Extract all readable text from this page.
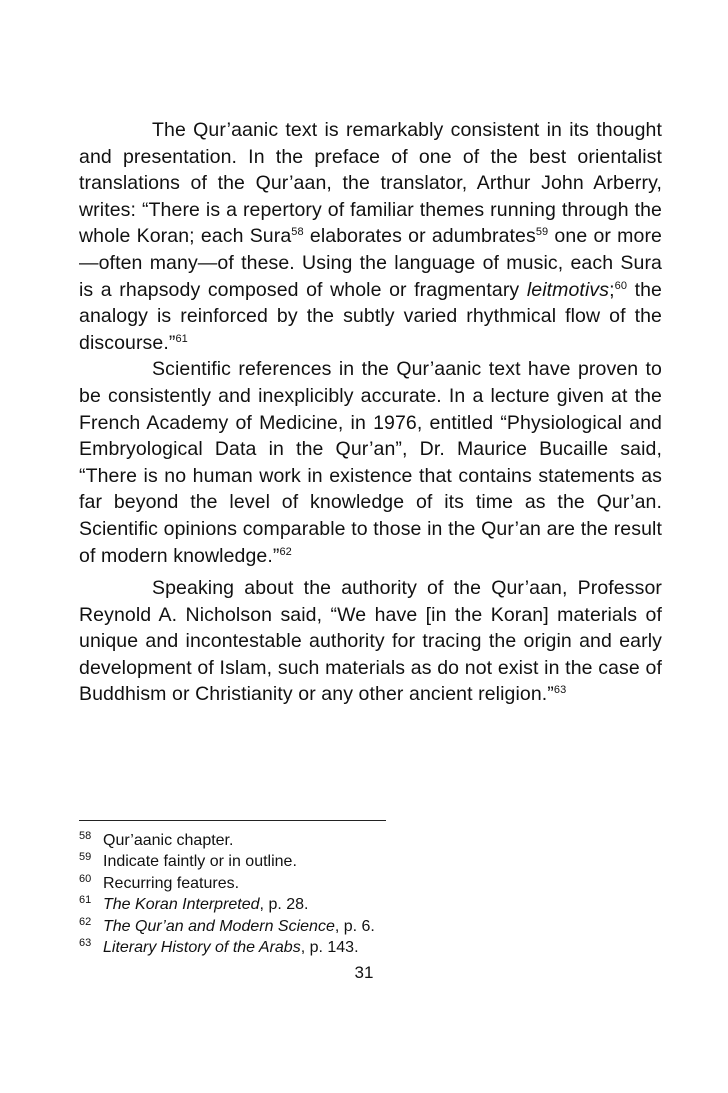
The Qur’aanic text is remarkably consistent in its thought and presentation. In the preface of one of the best orientalist translations of the Qur’aan, the translator, Arthur John Arberry, writes: “There is a repertory of familiar themes running through the whole Koran; each Sura$^{58}$ elaborates or adumbrates$^{59}$ one or more—often many—of these. Using the language of music, each Sura is a rhapsody composed of whole or fragmentary leitmotivs;$^{60}$ the analogy is reinforced by the subtly varied rhythmical flow of the discourse.”$^{61}$

Scientific references in the Qur’aanic text have proven to be consistently and inexplicibly accurate. In a lecture given at the French Academy of Medicine, in 1976, entitled “Physiological and Embryological Data in the Qur’an”, Dr. Maurice Bucaille said, “There is no human work in existence that contains statements as far beyond the level of knowledge of its time as the Qur’an. Scientific opinions comparable to those in the Qur’an are the result of modern knowledge.”$^{62}$

Speaking about the authority of the Qur’aan, Professor Reynold A. Nicholson said, “We have [in the Koran] materials of unique and incontestable authority for tracing the origin and early development of Islam, such materials as do not exist in the case of Buddhism or Christianity or any other ancient religion.”$^{63}$

58 Qur’aanic chapter.
59 Indicate faintly or in outline.
60 Recurring features.
61 The Koran Interpreted, p. 28.
62 The Qur’an and Modern Science, p. 6.
63 Literary History of the Arabs, p. 143.
31
